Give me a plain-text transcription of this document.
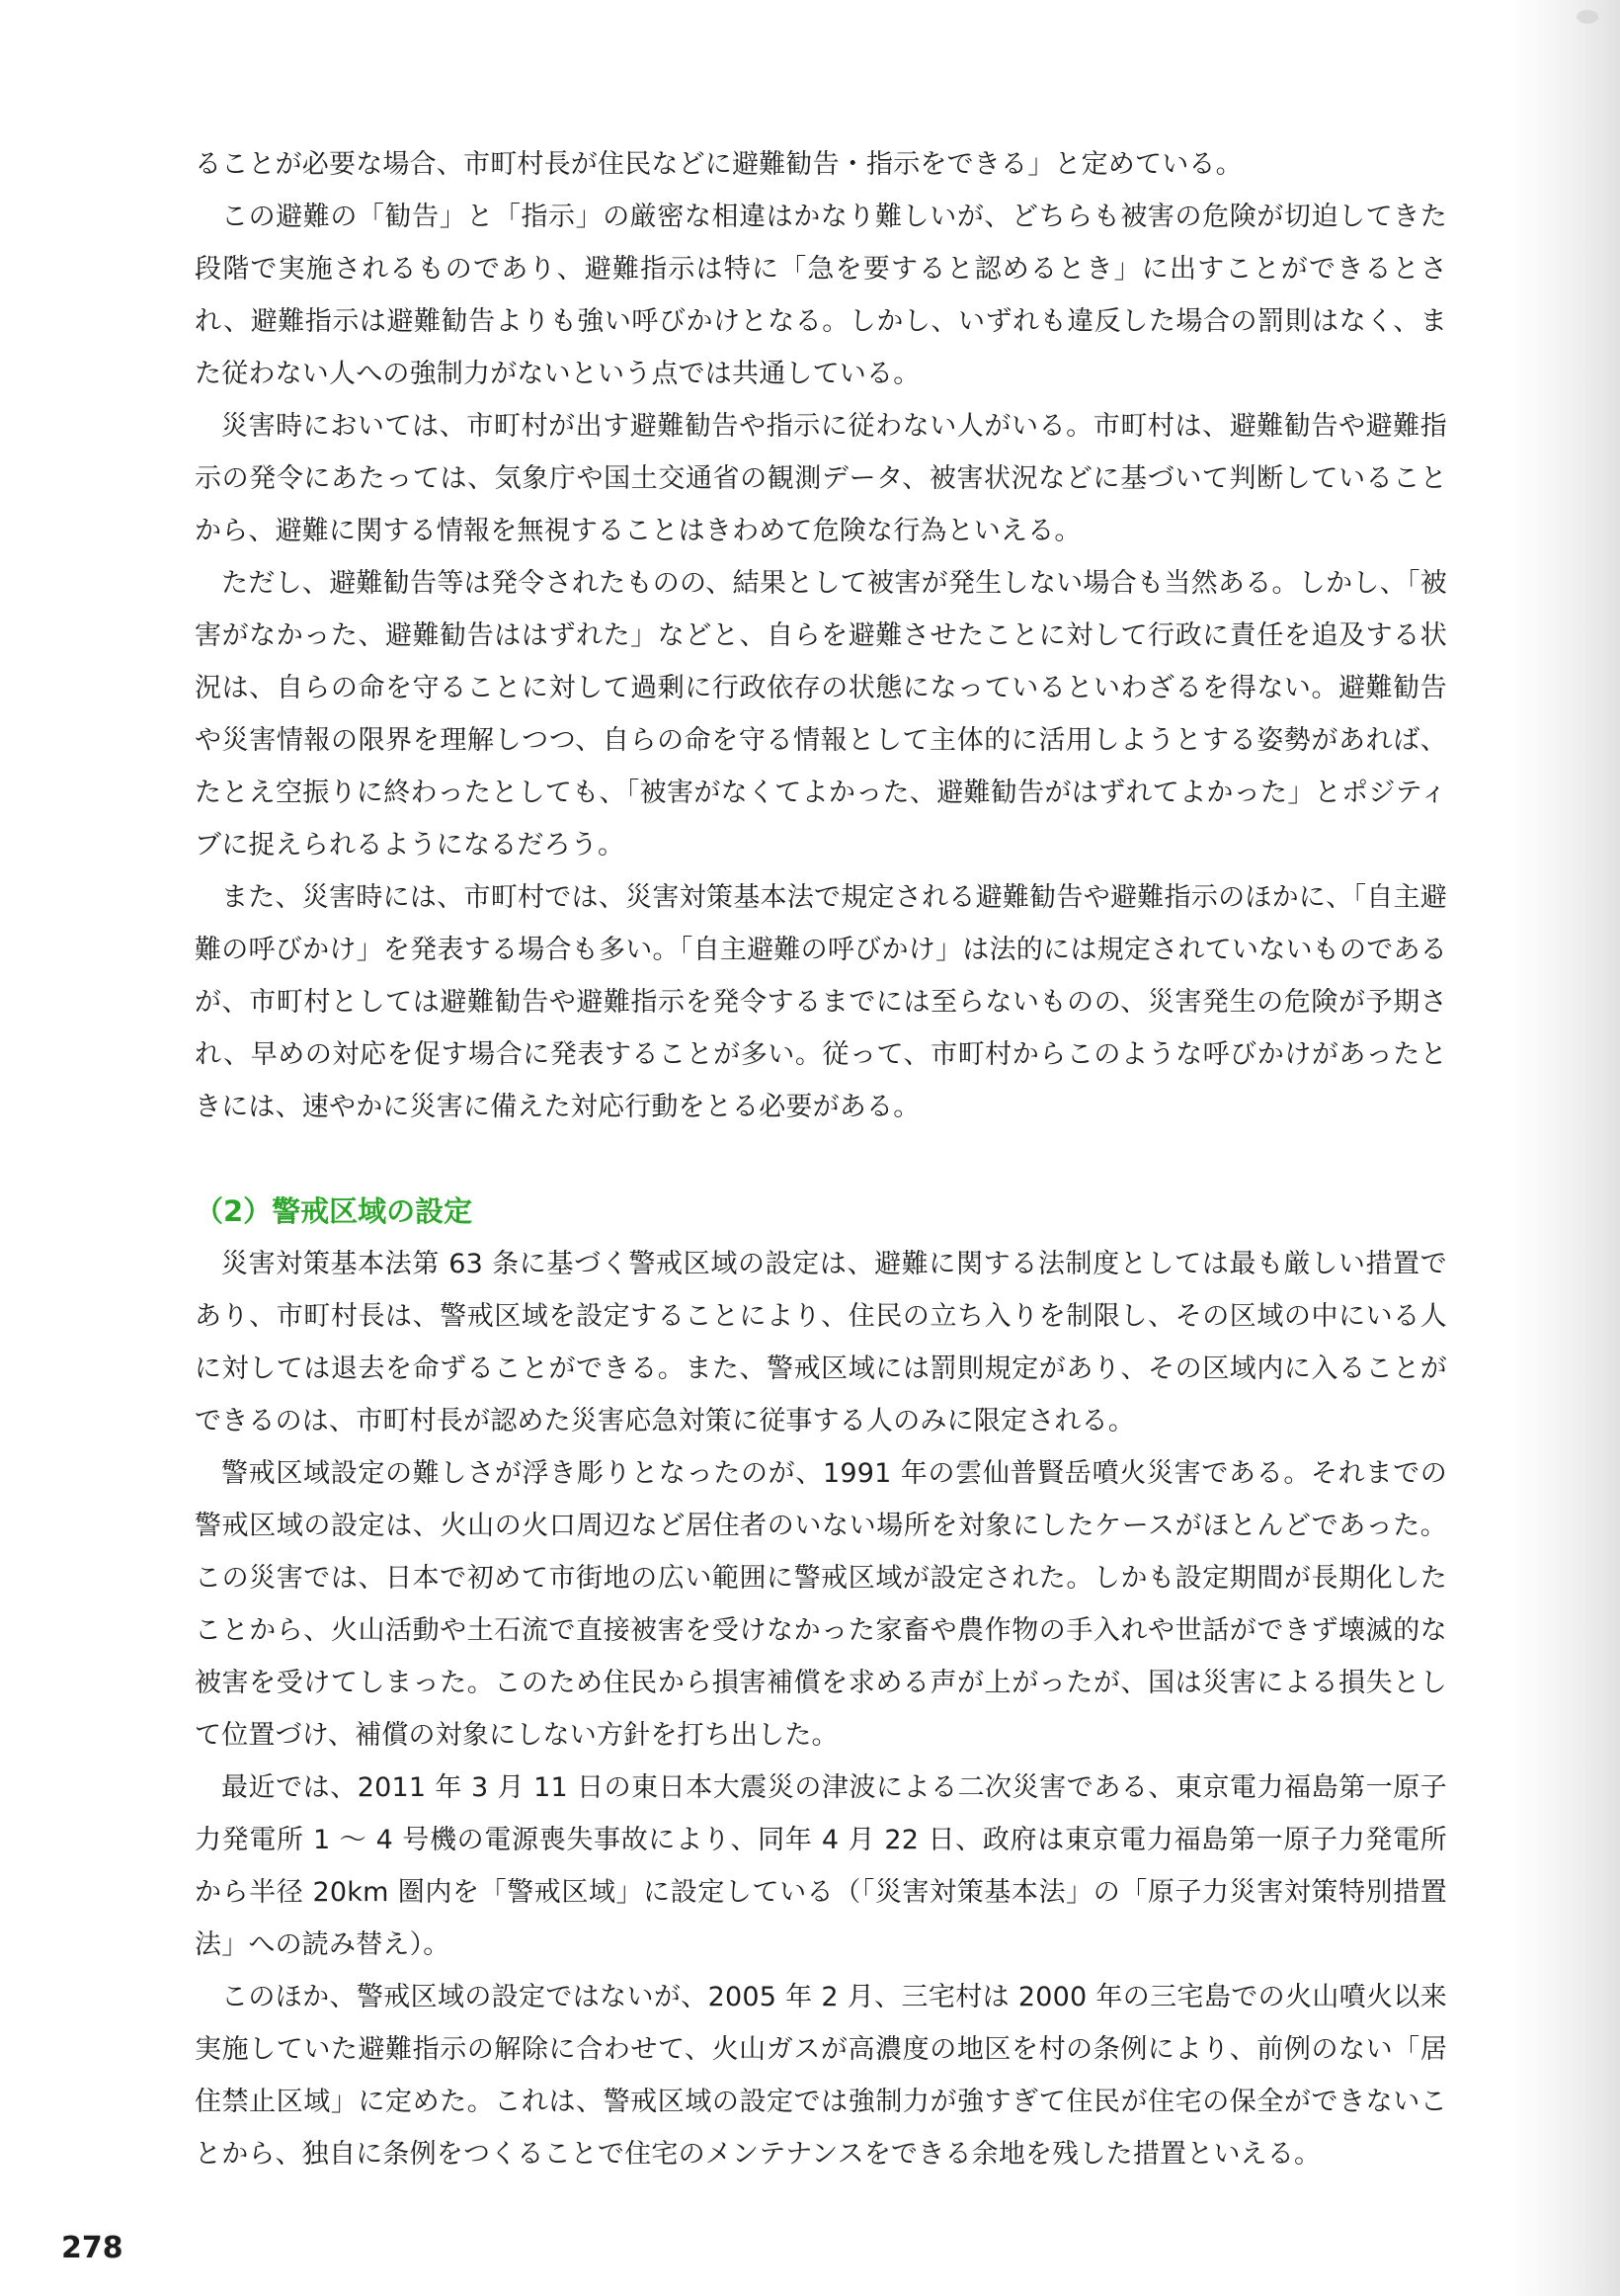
ることが必要な場合、市町村長が住民などに避難勧告・指示をできる」と定めている。

この避難の「勧告」と「指示」の厳密な相違はかなり難しいが、どちらも被害の危険が切迫してきた段階で実施されるものであり、避難指示は特に「急を要すると認めるとき」に出すことができるとされ、避難指示は避難勧告よりも強い呼びかけとなる。しかし、いずれも違反した場合の罰則はなく、また従わない人への強制力がないという点では共通している。

災害時においては、市町村が出す避難勧告や指示に従わない人がいる。市町村は、避難勧告や避難指示の発令にあたっては、気象庁や国土交通省の観測データ、被害状況などに基づいて判断していることから、避難に関する情報を無視することはきわめて危険な行為といえる。

ただし、避難勧告等は発令されたものの、結果として被害が発生しない場合も当然ある。しかし、「被害がなかった、避難勧告ははずれた」などと、自らを避難させたことに対して行政に責任を追及する状況は、自らの命を守ることに対して過剰に行政依存の状態になっているといわざるを得ない。避難勧告や災害情報の限界を理解しつつ、自らの命を守る情報として主体的に活用しようとする姿勢があれば、たとえ空振りに終わったとしても、「被害がなくてよかった、避難勧告がはずれてよかった」とポジティブに捉えられるようになるだろう。

また、災害時には、市町村では、災害対策基本法で規定される避難勧告や避難指示のほかに、「自主避難の呼びかけ」を発表する場合も多い。「自主避難の呼びかけ」は法的には規定されていないものであるが、市町村としては避難勧告や避難指示を発令するまでには至らないものの、災害発生の危険が予期され、早めの対応を促す場合に発表することが多い。従って、市町村からこのような呼びかけがあったときには、速やかに災害に備えた対応行動をとる必要がある。

（2）警戒区域の設定

災害対策基本法第 63 条に基づく警戒区域の設定は、避難に関する法制度としては最も厳しい措置であり、市町村長は、警戒区域を設定することにより、住民の立ち入りを制限し、その区域の中にいる人に対しては退去を命ずることができる。また、警戒区域には罰則規定があり、その区域内に入ることができるのは、市町村長が認めた災害応急対策に従事する人のみに限定される。

警戒区域設定の難しさが浮き彫りとなったのが、1991 年の雲仙普賢岳噴火災害である。それまでの警戒区域の設定は、火山の火口周辺など居住者のいない場所を対象にしたケースがほとんどであった。この災害では、日本で初めて市街地の広い範囲に警戒区域が設定された。しかも設定期間が長期化したことから、火山活動や土石流で直接被害を受けなかった家畜や農作物の手入れや世話ができず壊滅的な被害を受けてしまった。このため住民から損害補償を求める声が上がったが、国は災害による損失として位置づけ、補償の対象にしない方針を打ち出した。

最近では、2011 年 3 月 11 日の東日本大震災の津波による二次災害である、東京電力福島第一原子力発電所 1 ～ 4 号機の電源喪失事故により、同年 4 月 22 日、政府は東京電力福島第一原子力発電所から半径 20km 圏内を「警戒区域」に設定している（「災害対策基本法」の「原子力災害対策特別措置法」への読み替え）。

このほか、警戒区域の設定ではないが、2005 年 2 月、三宅村は 2000 年の三宅島での火山噴火以来実施していた避難指示の解除に合わせて、火山ガスが高濃度の地区を村の条例により、前例のない「居住禁止区域」に定めた。これは、警戒区域の設定では強制力が強すぎて住民が住宅の保全ができないことから、独自に条例をつくることで住宅のメンテナンスをできる余地を残した措置といえる。

278
